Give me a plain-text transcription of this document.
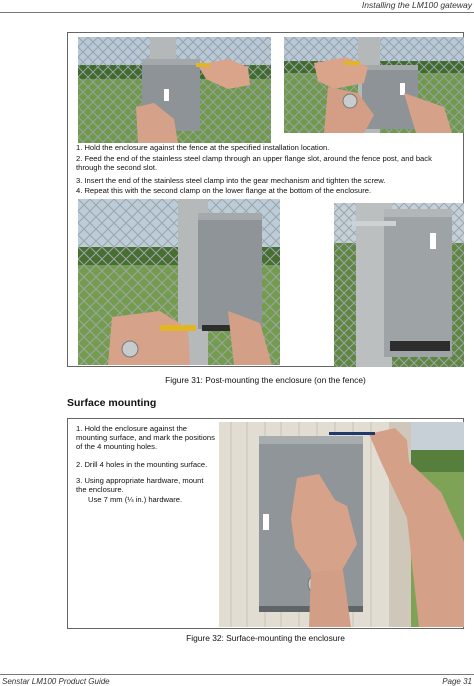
Installing the LM100 gateway
1. Hold the enclosure against the fence at the specified installation location.
2. Feed the end of the stainless steel clamp through an upper flange slot, around the fence post, and back through the second slot.
3. Insert the end of the stainless steel clamp into the gear mechanism and tighten the screw.
4. Repeat this with the second clamp on the lower flange at the bottom of the enclosure.
Figure 31: Post-mounting the enclosure (on the fence)
Surface mounting
1. Hold the enclosure against the mounting surface, and mark the positions of the 4 mounting holes.
2. Drill 4 holes in the mounting surface.
3. Using appropriate hardware, mount the enclosure.
Use 7 mm (¼ in.) hardware.
Figure 32: Surface-mounting the enclosure
Senstar LM100 Product Guide	Page 31
